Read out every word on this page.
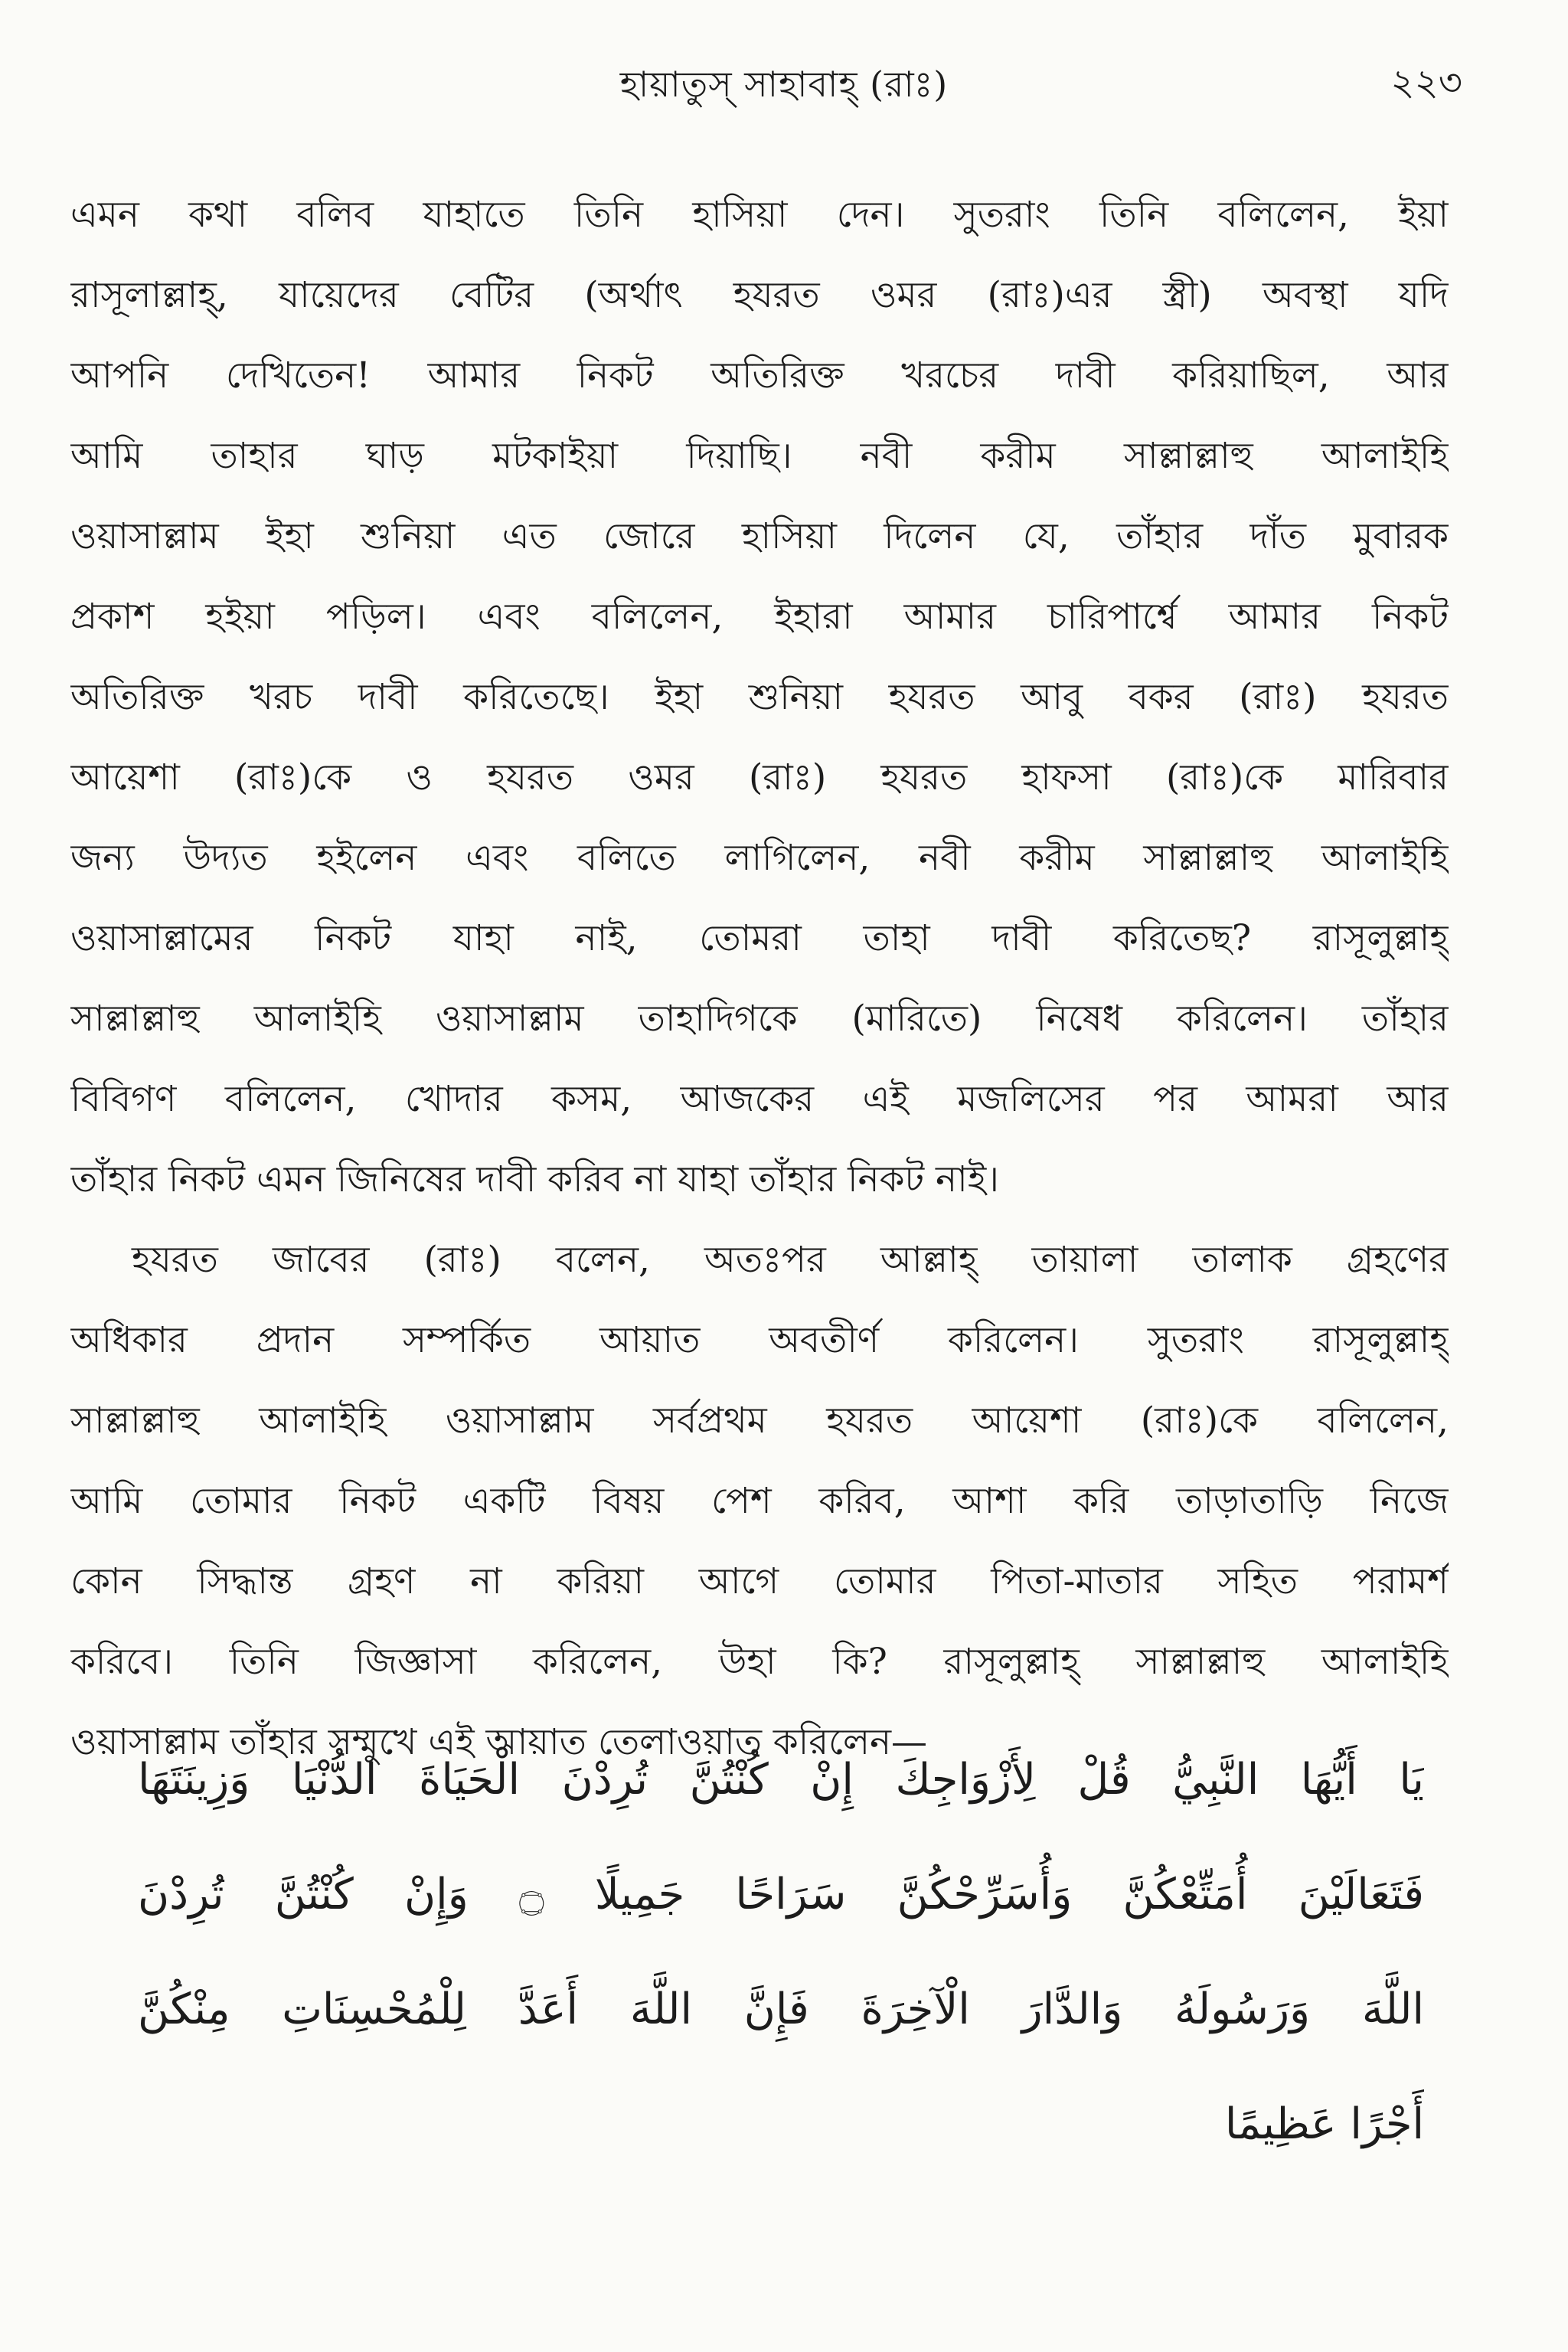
হায়াতুস্ সাহাবাহ্ (রাঃ)	২২৩
এমন কথা বলিব যাহাতে তিনি হাসিয়া দেন। সুতরাং তিনি বলিলেন, ইয়া
রাসূলাল্লাহ্, যায়েদের বেটির (অর্থাৎ হযরত ওমর (রাঃ)এর স্ত্রী) অবস্থা যদি
আপনি দেখিতেন! আমার নিকট অতিরিক্ত খরচের দাবী করিয়াছিল, আর
আমি তাহার ঘাড় মটকাইয়া দিয়াছি। নবী করীম সাল্লাল্লাহু আলাইহি
ওয়াসাল্লাম ইহা শুনিয়া এত জোরে হাসিয়া দিলেন যে, তাঁহার দাঁত মুবারক
প্রকাশ হইয়া পড়িল। এবং বলিলেন, ইহারা আমার চারিপার্শ্বে আমার নিকট
অতিরিক্ত খরচ দাবী করিতেছে। ইহা শুনিয়া হযরত আবু বকর (রাঃ) হযরত
আয়েশা (রাঃ)কে ও হযরত ওমর (রাঃ) হযরত হাফসা (রাঃ)কে মারিবার
জন্য উদ্যত হইলেন এবং বলিতে লাগিলেন, নবী করীম সাল্লাল্লাহু আলাইহি
ওয়াসাল্লামের নিকট যাহা নাই, তোমরা তাহা দাবী করিতেছ? রাসূলুল্লাহ্
সাল্লাল্লাহু আলাইহি ওয়াসাল্লাম তাহাদিগকে (মারিতে) নিষেধ করিলেন। তাঁহার
বিবিগণ বলিলেন, খোদার কসম, আজকের এই মজলিসের পর আমরা আর
তাঁহার নিকট এমন জিনিষের দাবী করিব না যাহা তাঁহার নিকট নাই।
হযরত জাবের (রাঃ) বলেন, অতঃপর আল্লাহ্ তায়ালা তালাক গ্রহণের
অধিকার প্রদান সম্পর্কিত আয়াত অবতীর্ণ করিলেন। সুতরাং রাসূলুল্লাহ্
সাল্লাল্লাহু আলাইহি ওয়াসাল্লাম সর্বপ্রথম হযরত আয়েশা (রাঃ)কে বলিলেন,
আমি তোমার নিকট একটি বিষয় পেশ করিব, আশা করি তাড়াতাড়ি নিজে
কোন সিদ্ধান্ত গ্রহণ না করিয়া আগে তোমার পিতা-মাতার সহিত পরামর্শ
করিবে। তিনি জিজ্ঞাসা করিলেন, উহা কি? রাসূলুল্লাহ্ সাল্লাল্লাহু আলাইহি
ওয়াসাল্লাম তাঁহার সম্মুখে এই আয়াত তেলাওয়াত করিলেন—
يَا أَيُّهَا النَّبِيُّ قُلْ لِأَزْوَاجِكَ إِنْ كُنْتُنَّ تُرِدْنَ الْحَيَاةَ الدُّنْيَا وَزِينَتَهَا
فَتَعَالَيْنَ أُمَتِّعْكُنَّ وَأُسَرِّحْكُنَّ سَرَاحًا جَمِيلًا ۝ وَإِنْ كُنْتُنَّ تُرِدْنَ
اللَّهَ وَرَسُولَهُ وَالدَّارَ الْآخِرَةَ فَإِنَّ اللَّهَ أَعَدَّ لِلْمُحْسِنَاتِ مِنْكُنَّ
أَجْرًا عَظِيمًا
